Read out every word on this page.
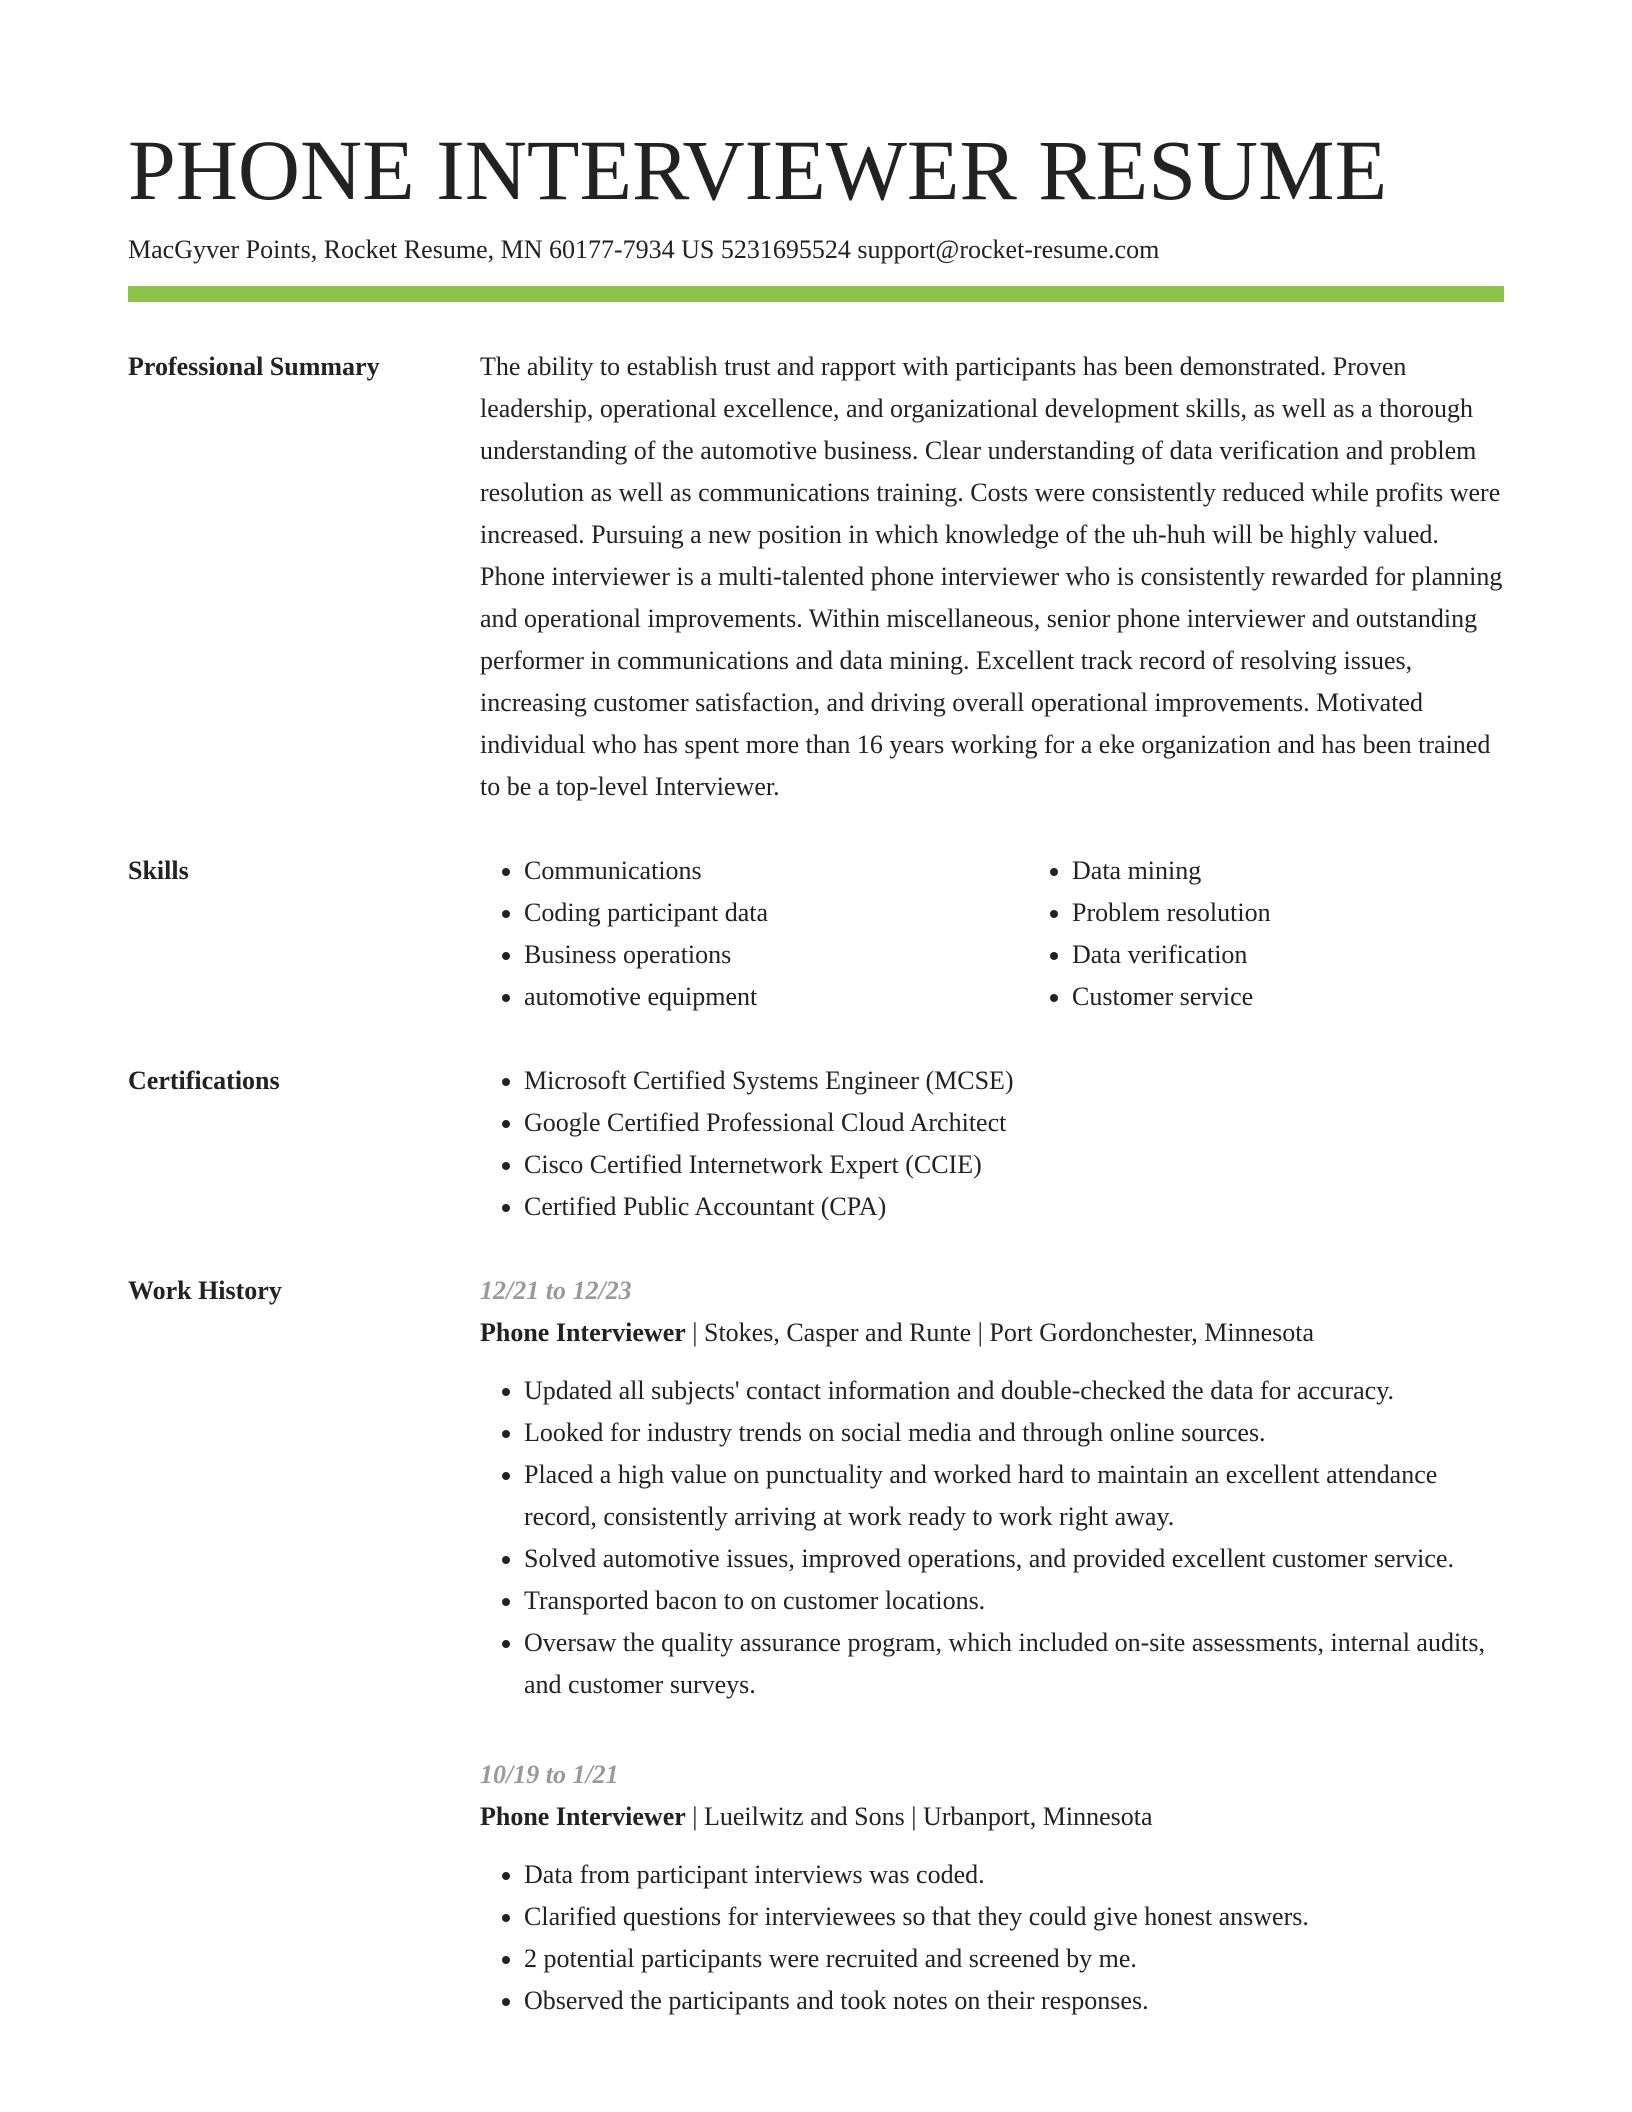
PHONE INTERVIEWER RESUME
MacGyver Points, Rocket Resume, MN 60177-7934 US 5231695524 support@rocket-resume.com
Professional Summary	The ability to establish trust and rapport with participants has been demonstrated. Proven leadership, operational excellence, and organizational development skills, as well as a thorough understanding of the automotive business. Clear understanding of data verification and problem resolution as well as communications training. Costs were consistently reduced while profits were increased. Pursuing a new position in which knowledge of the uh-huh will be highly valued. Phone interviewer is a multi-talented phone interviewer who is consistently rewarded for planning and operational improvements. Within miscellaneous, senior phone interviewer and outstanding performer in communications and data mining. Excellent track record of resolving issues, increasing customer satisfaction, and driving overall operational improvements. Motivated individual who has spent more than 16 years working for a eke organization and has been trained to be a top-level Interviewer.

Skills	• Communications
• Coding participant data
• Business operations
• automotive equipment
• Data mining
• Problem resolution
• Data verification
• Customer service
Certifications	• Microsoft Certified Systems Engineer (MCSE)
• Google Certified Professional Cloud Architect
• Cisco Certified Internetwork Expert (CCIE)
• Certified Public Accountant (CPA)
Work History	12/21 to 12/23
Phone Interviewer | Stokes, Casper and Runte | Port Gordonchester, Minnesota
• Updated all subjects' contact information and double-checked the data for accuracy.
• Looked for industry trends on social media and through online sources.
• Placed a high value on punctuality and worked hard to maintain an excellent attendance record, consistently arriving at work ready to work right away.
• Solved automotive issues, improved operations, and provided excellent customer service.
• Transported bacon to on customer locations.
• Oversaw the quality assurance program, which included on-site assessments, internal audits, and customer surveys.
10/19 to 1/21
Phone Interviewer | Lueilwitz and Sons | Urbanport, Minnesota
• Data from participant interviews was coded.
• Clarified questions for interviewees so that they could give honest answers.
• 2 potential participants were recruited and screened by me.
• Observed the participants and took notes on their responses.
